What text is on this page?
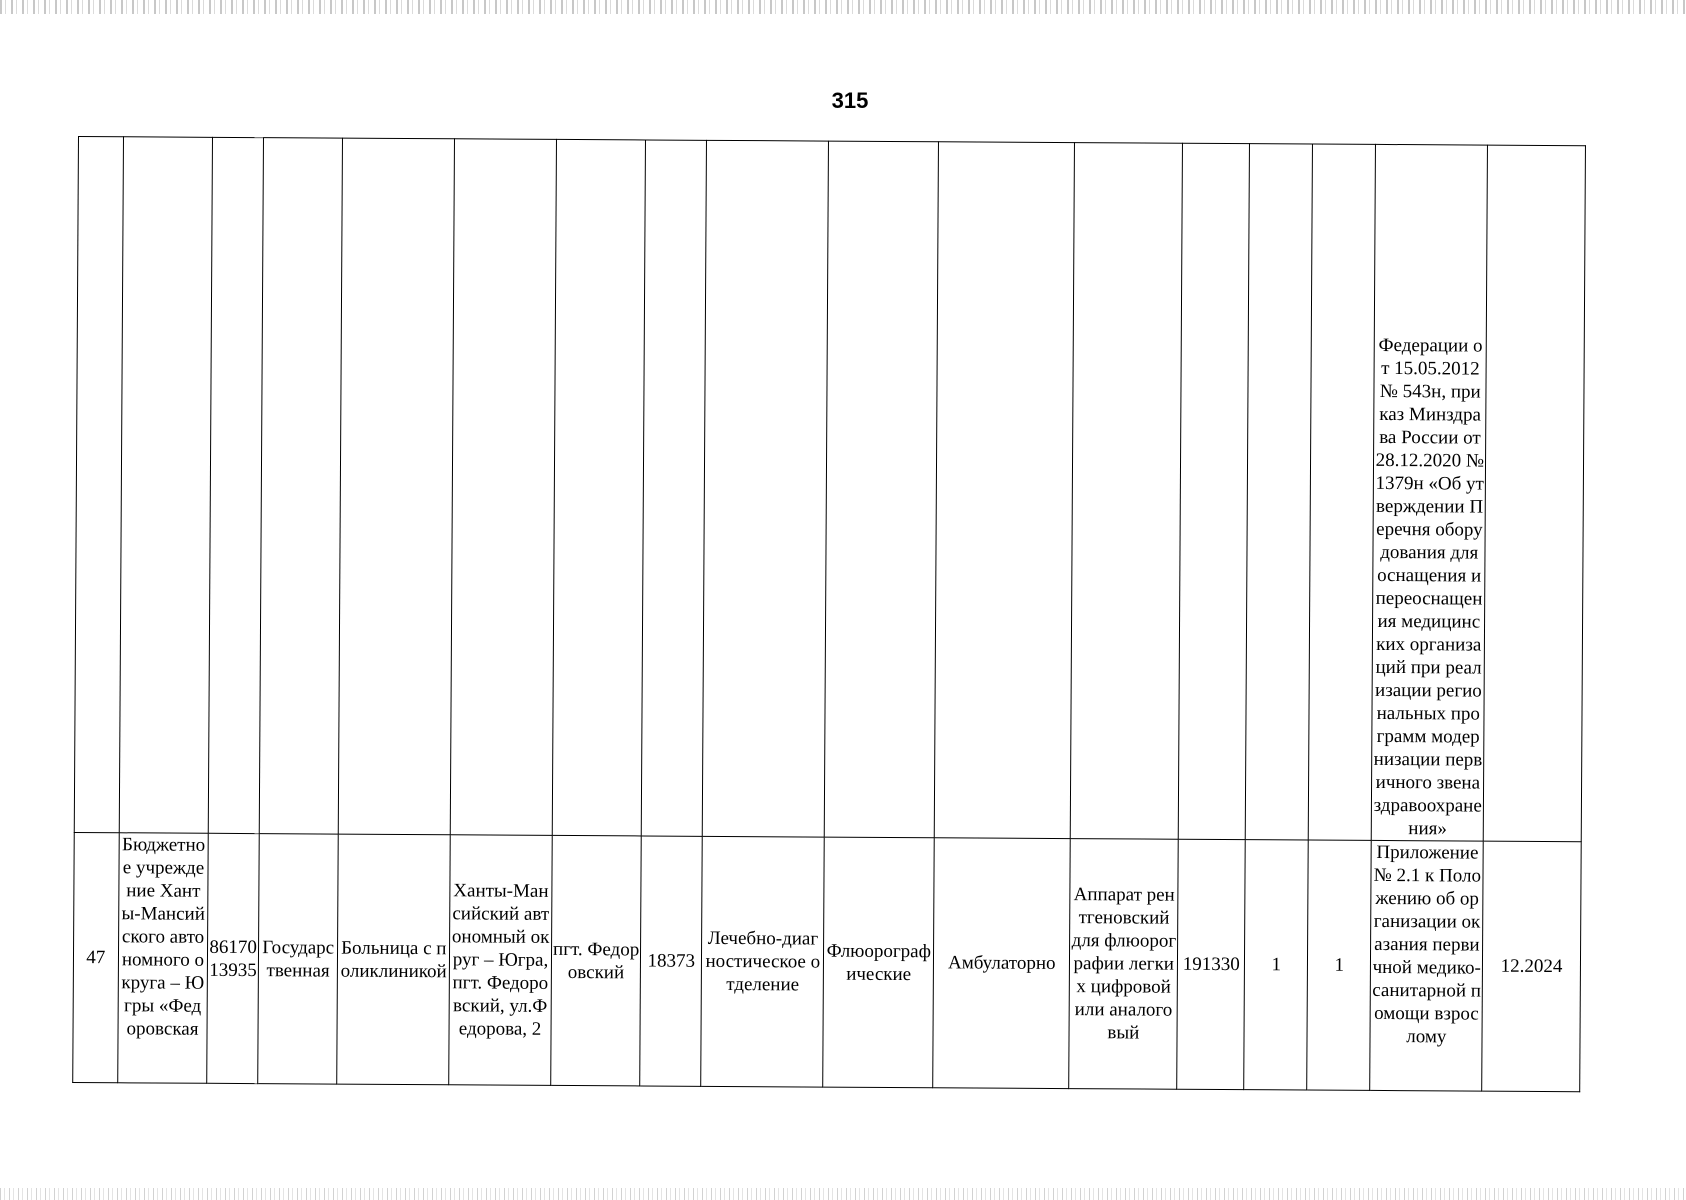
315
															Федерации от 15.05.2012 № 543н, приказ Минздрава России от 28.12.2020 № 1379н «Об утверждении Перечня оборудования для оснащения и переоснащения медицинских организаций при реализации региональных программ модернизации первичного звена здравоохранения»	
47	Бюджетное учреждение Ханты-Мансийского автономного округа – Югры «Федоровская	8617013935	Государственная	Больница с поликлиникой	Ханты-Мансийский автономный округ – Югра, пгт. Федоровский, ул.Федорова, 2	пгт. Федоровский	18373	Лечебно-диагностическое отделение	Флюорографические	Амбулаторно	Аппарат рентгеновский для флюорографии легких цифровой или аналоговый	191330	1	1	Приложение № 2.1 к Положению об организации оказания первичной медико-санитарной помощи взрослому	12.2024
